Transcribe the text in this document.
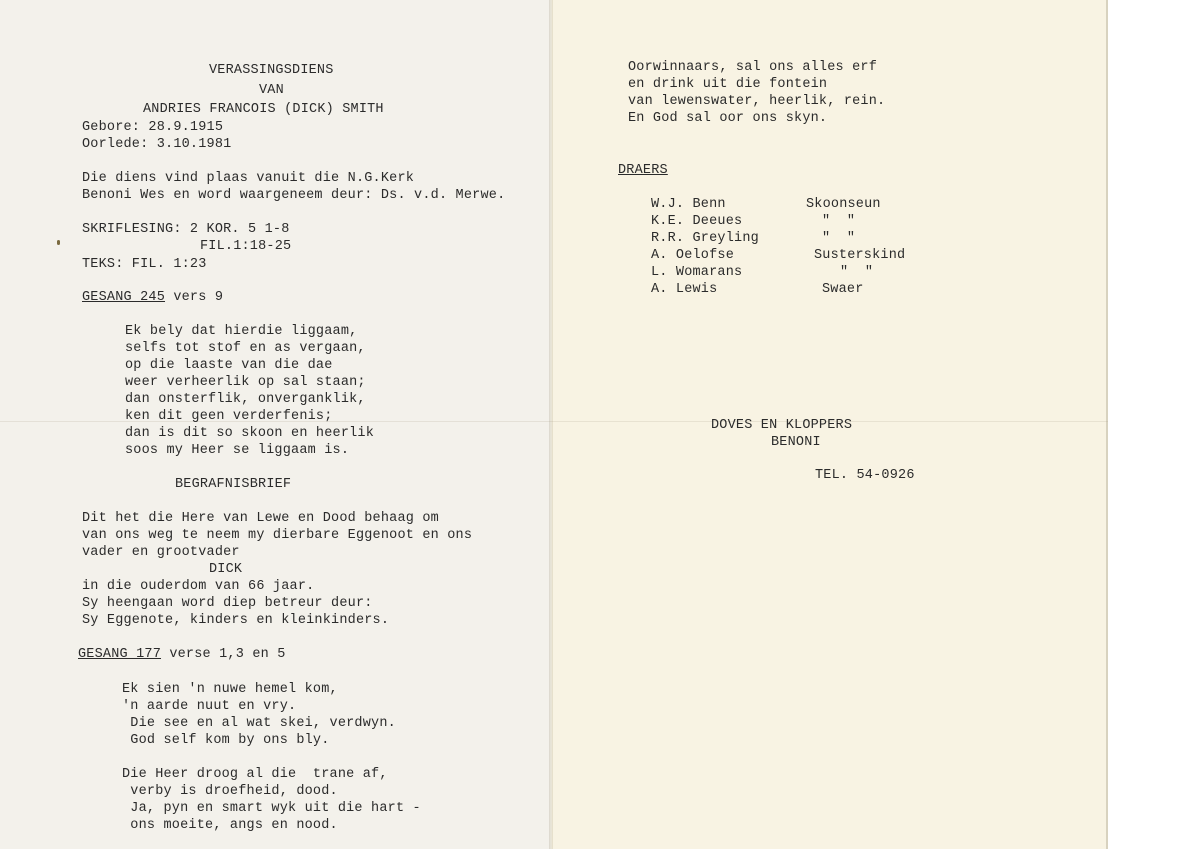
VERASSINGSDIENS
VAN
ANDRIES FRANCOIS (DICK) SMITH
Gebore: 28.9.1915
Oorlede: 3.10.1981
Die diens vind plaas vanuit die N.G.Kerk
Benoni Wes en word waargeneem deur: Ds. v.d. Merwe.
SKRIFLESING: 2 KOR. 5 1-8
FIL.1:18-25
TEKS: FIL. 1:23
GESANG 245 vers 9
Ek bely dat hierdie liggaam,
selfs tot stof en as vergaan,
op die laaste van die dae
weer verheerlik op sal staan;
dan onsterflik, onverganklik,
ken dit geen verderfenis;
dan is dit so skoon en heerlik
soos my Heer se liggaam is.
BEGRAFNISBRIEF
Dit het die Here van Lewe en Dood behaag om
van ons weg te neem my dierbare Eggenoot en ons
vader en grootvader
DICK
in die ouderdom van 66 jaar.
Sy heengaan word diep betreur deur:
Sy Eggenote, kinders en kleinkinders.
GESANG 177 verse 1,3 en 5
Ek sien 'n nuwe hemel kom,
'n aarde nuut en vry.
Die see en al wat skei, verdwyn.
God self kom by ons bly.
Die Heer droog al die  trane af,
verby is droefheid, dood.
Ja, pyn en smart wyk uit die hart -
ons moeite, angs en nood.
Oorwinnaars, sal ons alles erf
en drink uit die fontein
van lewenswater, heerlik, rein.
En God sal oor ons skyn.
DRAERS
W.J. Benn	Skoonseun
K.E. Deeues	"  "
R.R. Greyling	"  "
A. Oelofse	Susterskind
L. Womarans	"  "
A. Lewis	Swaer
DOVES EN KLOPPERS
BENONI
TEL. 54-0926
